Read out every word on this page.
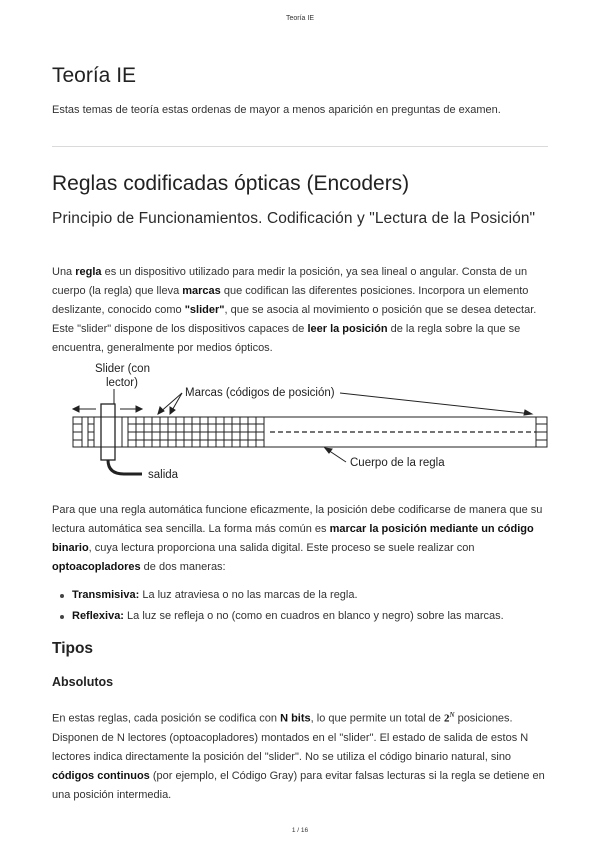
Teoría IE
Teoría IE
Estas temas de teoría estas ordenas de mayor a menos aparición en preguntas de examen.
Reglas codificadas ópticas (Encoders)
Principio de Funcionamientos. Codificación y "Lectura de la Posición"

Una regla es un dispositivo utilizado para medir la posición, ya sea lineal o angular. Consta de un cuerpo (la regla) que lleva marcas que codifican las diferentes posiciones. Incorpora un elemento deslizante, conocido como "slider", que se asocia al movimiento o posición que se desea detectar. Este "slider" dispone de los dispositivos capaces de leer la posición de la regla sobre la que se encuentra, generalmente por medios ópticos.

Slider (con
lector)
Marcas (códigos de posición)
salida
Cuerpo de la regla

Para que una regla automática funcione eficazmente, la posición debe codificarse de manera que su lectura automática sea sencilla. La forma más común es marcar la posición mediante un código binario, cuya lectura proporciona una salida digital. Este proceso se suele realizar con optoacopladores de dos maneras:

Transmisiva: La luz atraviesa o no las marcas de la regla.
Reflexiva: La luz se refleja o no (como en cuadros en blanco y negro) sobre las marcas.
Tipos
Absolutos

En estas reglas, cada posición se codifica con N bits, lo que permite un total de $2^N$ posiciones. Disponen de N lectores (optoacopladores) montados en el "slider". El estado de salida de estos N lectores indica directamente la posición del "slider". No se utiliza el código binario natural, sino códigos continuos (por ejemplo, el Código Gray) para evitar falsas lecturas si la regla se detiene en una posición intermedia.

1 / 16
